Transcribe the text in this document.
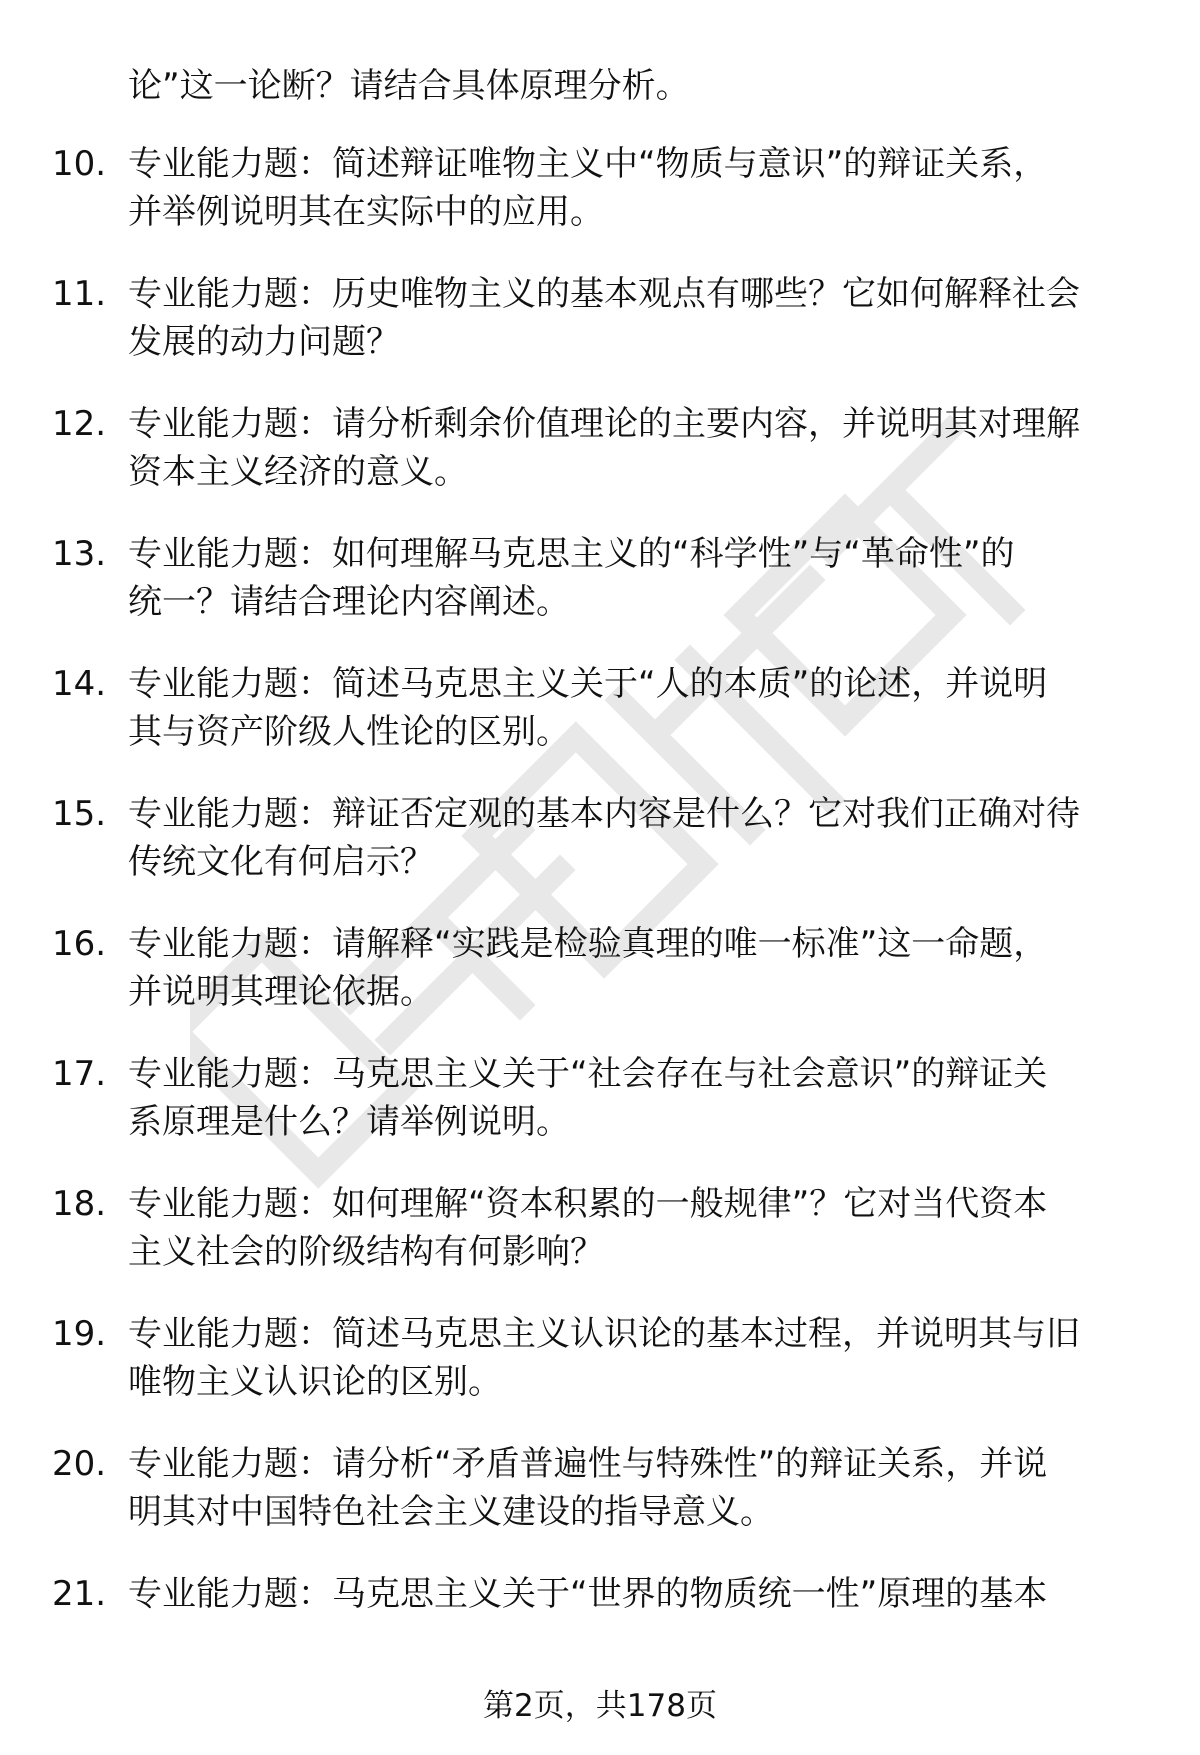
论”这一论断？请结合具体原理分析。
10. 专业能力题：简述辩证唯物主义中“物质与意识”的辩证关系，
并举例说明其在实际中的应用。

11. 专业能力题：历史唯物主义的基本观点有哪些？它如何解释社会
发展的动力问题？

12. 专业能力题：请分析剩余价值理论的主要内容，并说明其对理解
资本主义经济的意义。

13. 专业能力题：如何理解马克思主义的“科学性”与“革命性”的
统一？请结合理论内容阐述。

14. 专业能力题：简述马克思主义关于“人的本质”的论述，并说明
其与资产阶级人性论的区别。

15. 专业能力题：辩证否定观的基本内容是什么？它对我们正确对待
传统文化有何启示？

16. 专业能力题：请解释“实践是检验真理的唯一标准”这一命题，
并说明其理论依据。

17. 专业能力题：马克思主义关于“社会存在与社会意识”的辩证关
系原理是什么？请举例说明。

18. 专业能力题：如何理解“资本积累的一般规律”？它对当代资本
主义社会的阶级结构有何影响？

19. 专业能力题：简述马克思主义认识论的基本过程，并说明其与旧
唯物主义认识论的区别。

20. 专业能力题：请分析“矛盾普遍性与特殊性”的辩证关系，并说
明其对中国特色社会主义建设的指导意义。

21. 专业能力题：马克思主义关于“世界的物质统一性”原理的基本

第2页，共178页
